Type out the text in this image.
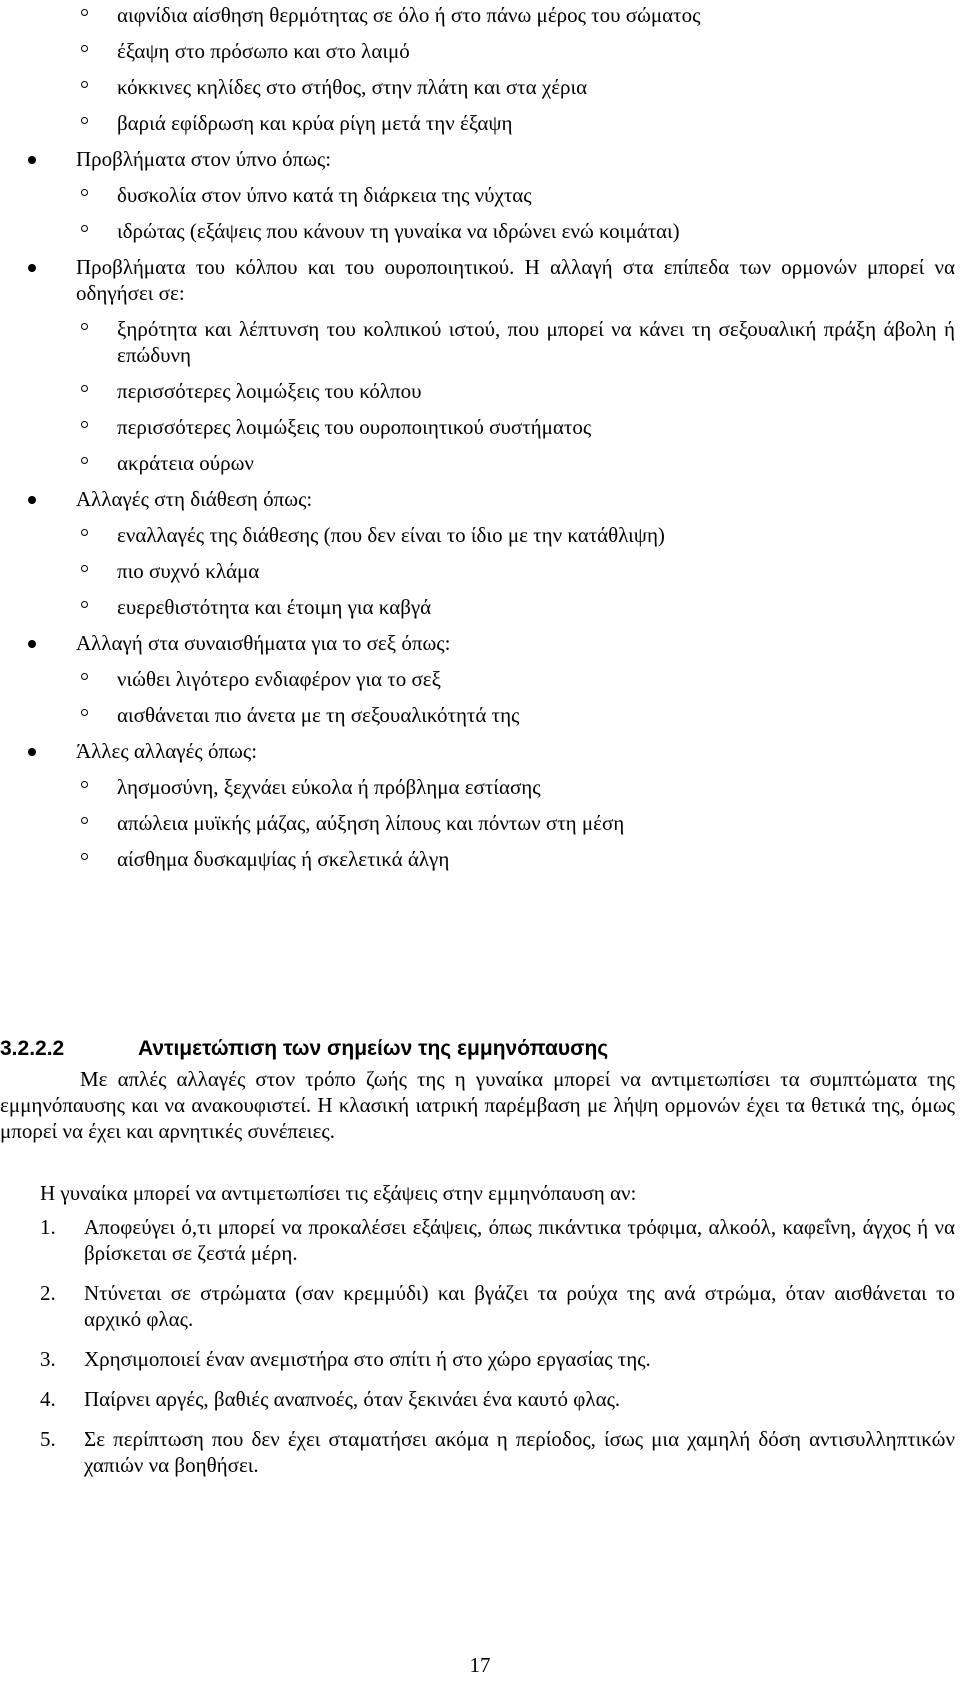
αιφνίδια αίσθηση θερμότητας σε όλο ή στο πάνω μέρος του σώματος
έξαψη στο πρόσωπο και στο λαιμό
κόκκινες κηλίδες στο στήθος, στην πλάτη και στα χέρια
βαριά εφίδρωση και κρύα ρίγη μετά την έξαψη
Προβλήματα στον ύπνο όπως:
δυσκολία στον ύπνο κατά τη διάρκεια της νύχτας
ιδρώτας (εξάψεις που κάνουν τη γυναίκα να ιδρώνει ενώ κοιμάται)
Προβλήματα του κόλπου και του ουροποιητικού. Η αλλαγή στα επίπεδα των ορμονών μπορεί να οδηγήσει σε:
ξηρότητα και λέπτυνση του κολπικού ιστού, που μπορεί να κάνει τη σεξουαλική πράξη άβολη ή επώδυνη
περισσότερες λοιμώξεις του κόλπου
περισσότερες λοιμώξεις του ουροποιητικού συστήματος
ακράτεια ούρων
Αλλαγές στη διάθεση όπως:
εναλλαγές της διάθεσης (που δεν είναι το ίδιο με την κατάθλιψη)
πιο συχνό κλάμα
ευερεθιστότητα και έτοιμη για καβγά
Αλλαγή στα συναισθήματα για το σεξ όπως:
νιώθει λιγότερο ενδιαφέρον για το σεξ
αισθάνεται πιο άνετα με τη σεξουαλικότητά της
Άλλες αλλαγές όπως:
λησμοσύνη, ξεχνάει εύκολα ή πρόβλημα εστίασης
απώλεια μυϊκής μάζας, αύξηση λίπους και πόντων στη μέση
αίσθημα δυσκαμψίας ή σκελετικά άλγη
3.2.2.2	Αντιμετώπιση των σημείων της εμμηνόπαυσης
Με απλές αλλαγές στον τρόπο ζωής της η γυναίκα μπορεί να αντιμετωπίσει τα συμπτώματα της εμμηνόπαυσης και να ανακουφιστεί. Η κλασική ιατρική παρέμβαση με λήψη ορμονών έχει τα θετικά της, όμως μπορεί να έχει και αρνητικές συνέπειες.
Η γυναίκα μπορεί να αντιμετωπίσει τις εξάψεις στην εμμηνόπαυση αν:
1. Αποφεύγει ό,τι μπορεί να προκαλέσει εξάψεις, όπως πικάντικα τρόφιμα, αλκοόλ, καφεΐνη, άγχος ή να βρίσκεται σε ζεστά μέρη.
2. Ντύνεται σε στρώματα (σαν κρεμμύδι) και βγάζει τα ρούχα της ανά στρώμα, όταν αισθάνεται το αρχικό φλας.
3. Χρησιμοποιεί έναν ανεμιστήρα στο σπίτι ή στο χώρο εργασίας της.
4. Παίρνει αργές, βαθιές αναπνοές, όταν ξεκινάει ένα καυτό φλας.
5. Σε περίπτωση που δεν έχει σταματήσει ακόμα η περίοδος, ίσως μια χαμηλή δόση αντισυλληπτικών χαπιών να βοηθήσει.
17
